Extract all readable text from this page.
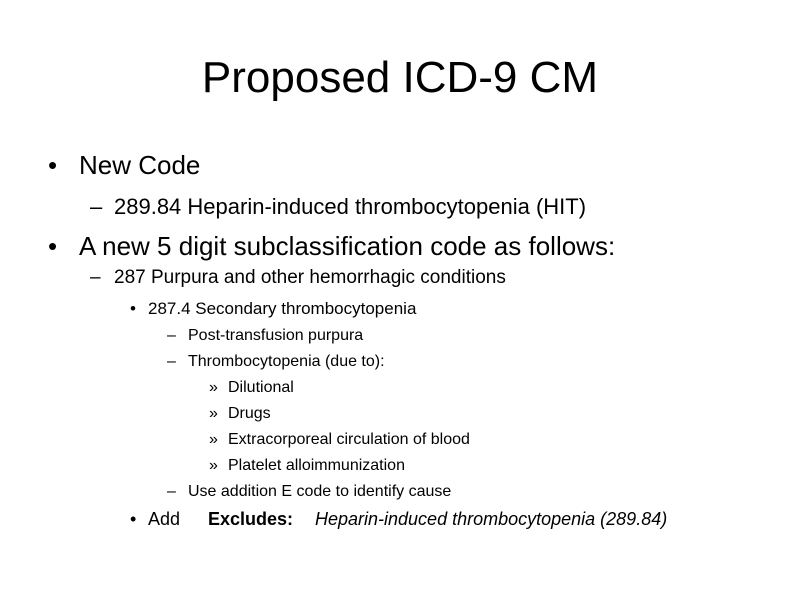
Proposed ICD-9 CM
• New Code
– 289.84 Heparin-induced thrombocytopenia (HIT)
• A new 5 digit subclassification code as follows:
– 287 Purpura and other hemorrhagic conditions
• 287.4 Secondary thrombocytopenia
– Post-transfusion purpura
– Thrombocytopenia (due to):
» Dilutional
» Drugs
» Extracorporeal circulation of blood
» Platelet alloimmunization
– Use addition E code to identify cause
• Add Excludes: Heparin-induced thrombocytopenia (289.84)
